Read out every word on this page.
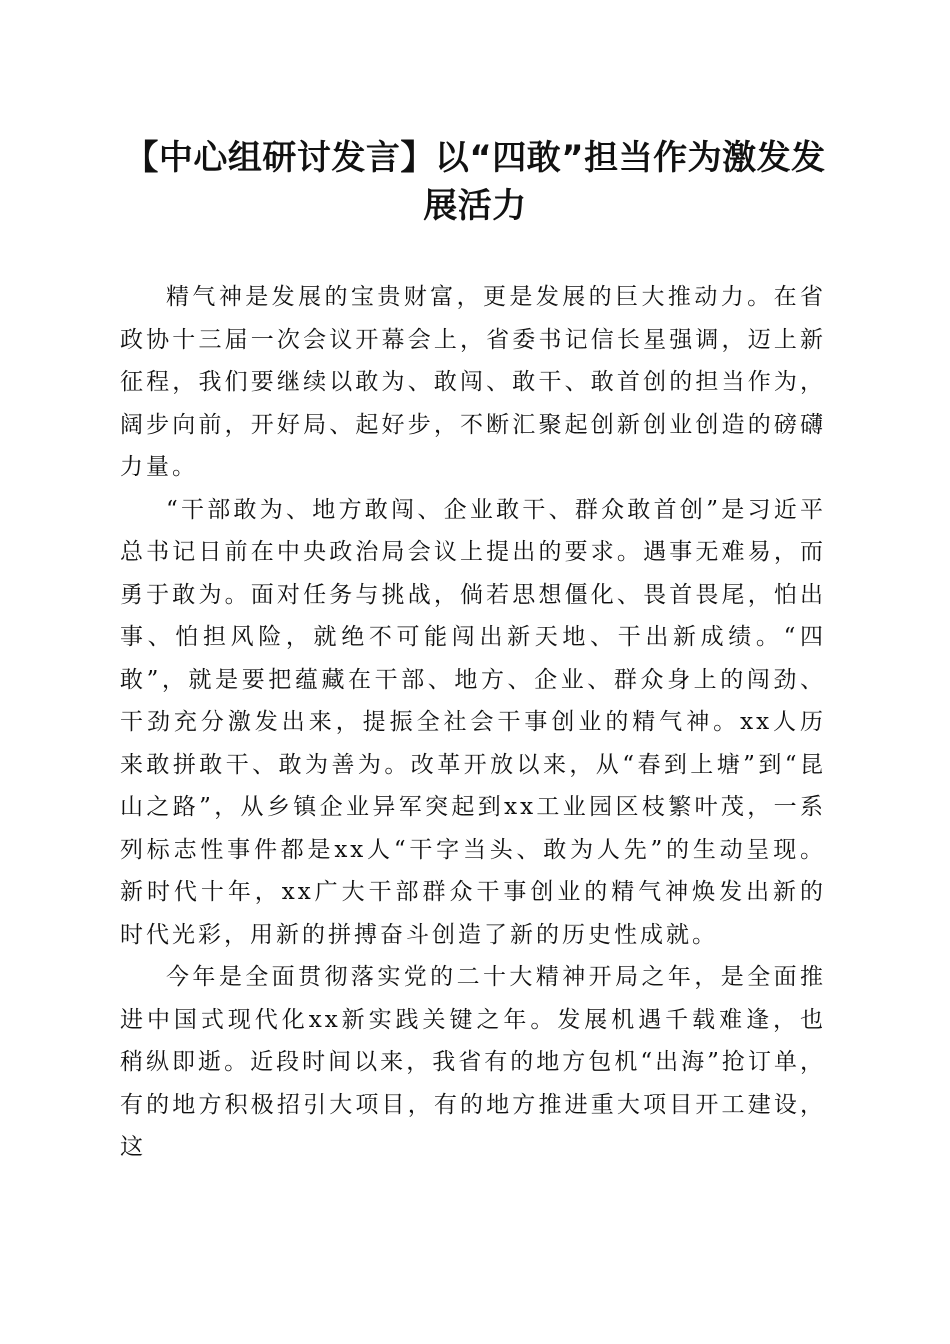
【中心组研讨发言】以“四敢”担当作为激发发展活力

精气神是发展的宝贵财富，更是发展的巨大推动力。在省政协十三届一次会议开幕会上，省委书记信长星强调，迈上新征程，我们要继续以敢为、敢闯、敢干、敢首创的担当作为，阔步向前，开好局、起好步，不断汇聚起创新创业创造的磅礴力量。

“干部敢为、地方敢闯、企业敢干、群众敢首创”是习近平总书记日前在中央政治局会议上提出的要求。遇事无难易，而勇于敢为。面对任务与挑战，倘若思想僵化、畏首畏尾，怕出事、怕担风险，就绝不可能闯出新天地、干出新成绩。“四敢”，就是要把蕴藏在干部、地方、企业、群众身上的闯劲、干劲充分激发出来，提振全社会干事创业的精气神。xx人历来敢拼敢干、敢为善为。改革开放以来，从“春到上塘”到“昆山之路”，从乡镇企业异军突起到xx工业园区枝繁叶茂，一系列标志性事件都是xx人“干字当头、敢为人先”的生动呈现。新时代十年，xx广大干部群众干事创业的精气神焕发出新的时代光彩，用新的拼搏奋斗创造了新的历史性成就。

今年是全面贯彻落实党的二十大精神开局之年，是全面推进中国式现代化xx新实践关键之年。发展机遇千载难逢，也稍纵即逝。近段时间以来，我省有的地方包机“出海”抢订单，有的地方积极招引大项目，有的地方推进重大项目开工建设，这
